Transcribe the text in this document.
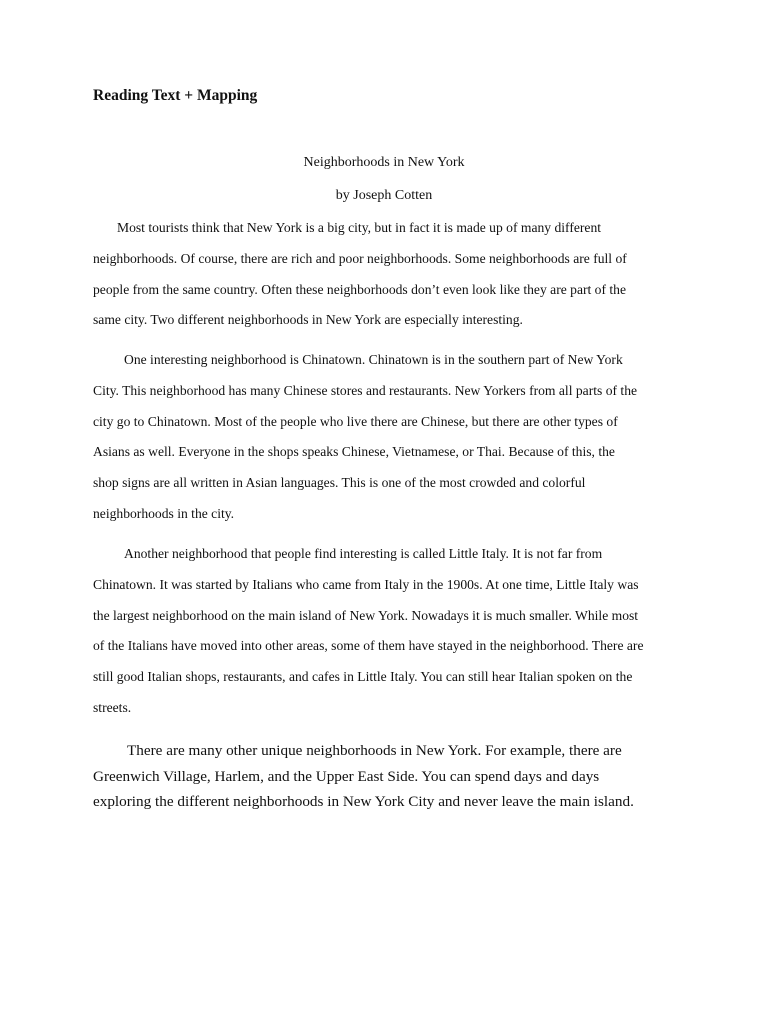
Reading Text + Mapping
Neighborhoods in New York
by Joseph Cotten

Most tourists think that New York is a big city, but in fact it is made up of many different
neighborhoods. Of course, there are rich and poor neighborhoods. Some neighborhoods are full of
people from the same country. Often these neighborhoods don’t even look like they are part of the
same city. Two different neighborhoods in New York are especially interesting.

One interesting neighborhood is Chinatown. Chinatown is in the southern part of New York
City. This neighborhood has many Chinese stores and restaurants. New Yorkers from all parts of the
city go to Chinatown. Most of the people who live there are Chinese, but there are other types of
Asians as well. Everyone in the shops speaks Chinese, Vietnamese, or Thai. Because of this, the
shop signs are all written in Asian languages. This is one of the most crowded and colorful
neighborhoods in the city.

Another neighborhood that people find interesting is called Little Italy. It is not far from
Chinatown. It was started by Italians who came from Italy in the 1900s. At one time, Little Italy was
the largest neighborhood on the main island of New York. Nowadays it is much smaller. While most
of the Italians have moved into other areas, some of them have stayed in the neighborhood. There are
still good Italian shops, restaurants, and cafes in Little Italy. You can still hear Italian spoken on the
streets.

There are many other unique neighborhoods in New York. For example, there are
Greenwich Village, Harlem, and the Upper East Side. You can spend days and days
exploring the different neighborhoods in New York City and never leave the main island.
